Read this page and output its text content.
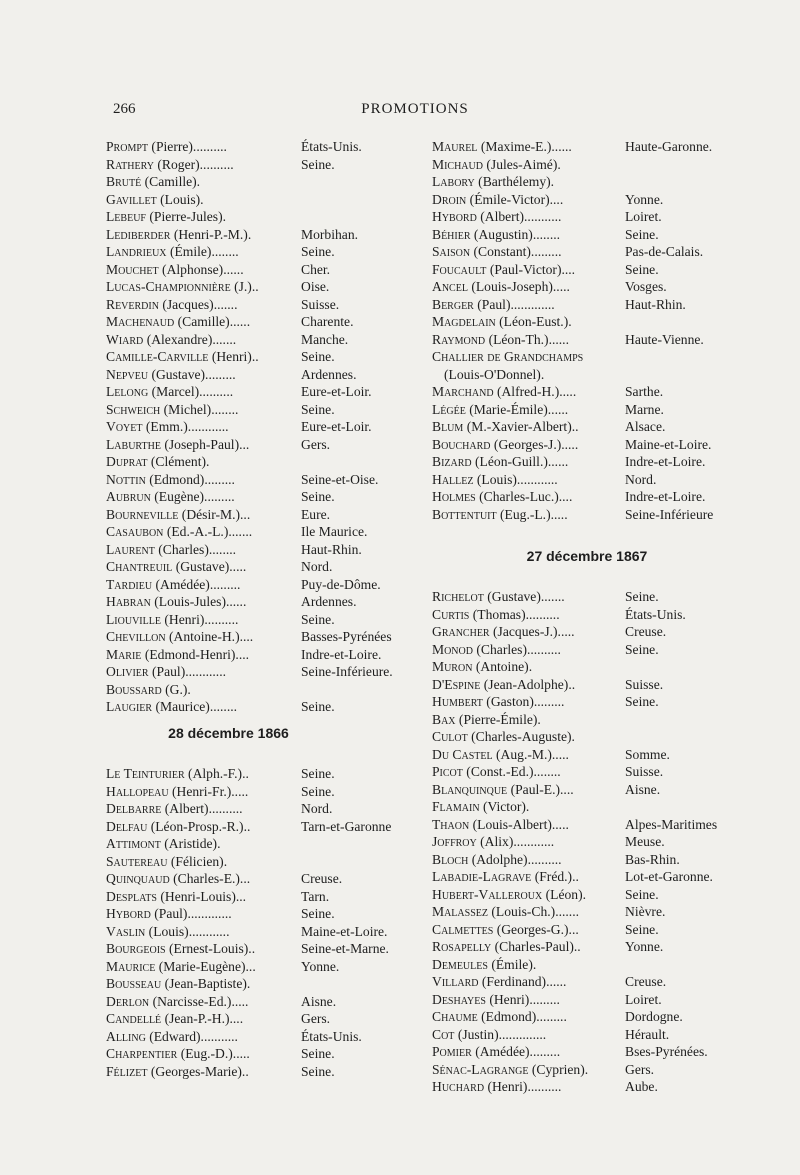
266	PROMOTIONS
Prompt (Pierre)..........	États-Unis.
Rathery (Roger)..........	Seine.
Bruté (Camille).
Gavillet (Louis).
Lebeuf (Pierre-Jules).
Lediberder (Henri-P.-M.).	Morbihan.
Landrieux (Émile)........	Seine.
Mouchet (Alphonse)......	Cher.
Lucas-Championnière (J.)..	Oise.
Reverdin (Jacques).......	Suisse.
Machenaud (Camille)......	Charente.
Wiard (Alexandre).......	Manche.
Camille-Carville (Henri)..	Seine.
Nepveu (Gustave).........	Ardennes.
Lelong (Marcel)..........	Eure-et-Loir.
Schweich (Michel)........	Seine.
Voyet (Emm.)............	Eure-et-Loir.
Laburthe (Joseph-Paul)...	Gers.
Duprat (Clément).
Nottin (Edmond).........	Seine-et-Oise.
Aubrun (Eugène).........	Seine.
Bourneville (Désir-M.)...	Eure.
Casaubon (Ed.-A.-L.).......	Ile Maurice.
Laurent (Charles)........	Haut-Rhin.
Chantreuil (Gustave).....	Nord.
Tardieu (Amédée).........	Puy-de-Dôme.
Habran (Louis-Jules)......	Ardennes.
Liouville (Henri)..........	Seine.
Chevillon (Antoine-H.)....	Basses-Pyrénées
Marie (Edmond-Henri)....	Indre-et-Loire.
Olivier (Paul)............	Seine-Inférieure.
Boussard (G.).
Laugier (Maurice)........	Seine.
28 décembre 1866
Le Teinturier (Alph.-F.)..	Seine.
Hallopeau (Henri-Fr.).....	Seine.
Delbarre (Albert)..........	Nord.
Delfau (Léon-Prosp.-R.)..	Tarn-et-Garonne
Attimont (Aristide).
Sautereau (Félicien).
Quinquaud (Charles-E.)...	Creuse.
Desplats (Henri-Louis)...	Tarn.
Hybord (Paul).............	Seine.
Vaslin (Louis)............	Maine-et-Loire.
Bourgeois (Ernest-Louis)..	Seine-et-Marne.
Maurice (Marie-Eugène)...	Yonne.
Bousseau (Jean-Baptiste).
Derlon (Narcisse-Ed.).....	Aisne.
Candellé (Jean-P.-H.)....	Gers.
Alling (Edward)...........	États-Unis.
Charpentier (Eug.-D.).....	Seine.
Félizet (Georges-Marie)..	Seine.
Maurel (Maxime-E.)......	Haute-Garonne.
Michaud (Jules-Aimé).
Labory (Barthélemy).
Droin (Émile-Victor)....	Yonne.
Hybord (Albert)...........	Loiret.
Béhier (Augustin)........	Seine.
Saison (Constant).........	Pas-de-Calais.
Foucault (Paul-Victor)....	Seine.
Ancel (Louis-Joseph).....	Vosges.
Berger (Paul).............	Haut-Rhin.
Magdelain (Léon-Eust.).
Raymond (Léon-Th.)......	Haute-Vienne.
Challier de Grandchamps
(Louis-O'Donnel).
Marchand (Alfred-H.).....	Sarthe.
Légée (Marie-Émile)......	Marne.
Blum (M.-Xavier-Albert)..	Alsace.
Bouchard (Georges-J.).....	Maine-et-Loire.
Bizard (Léon-Guill.)......	Indre-et-Loire.
Hallez (Louis)............	Nord.
Holmes (Charles-Luc.)....	Indre-et-Loire.
Bottentuit (Eug.-L.).....	Seine-Inférieure
27 décembre 1867
Richelot (Gustave).......	Seine.
Curtis (Thomas)..........	États-Unis.
Grancher (Jacques-J.).....	Creuse.
Monod (Charles)..........	Seine.
Muron (Antoine).
D'Espine (Jean-Adolphe)..	Suisse.
Humbert (Gaston).........	Seine.
Bax (Pierre-Émile).
Culot (Charles-Auguste).
Du Castel (Aug.-M.).....	Somme.
Picot (Const.-Ed.)........	Suisse.
Blanquinque (Paul-E.)....	Aisne.
Flamain (Victor).
Thaon (Louis-Albert).....	Alpes-Maritimes
Joffroy (Alix)............	Meuse.
Bloch (Adolphe)..........	Bas-Rhin.
Labadie-Lagrave (Fréd.)..	Lot-et-Garonne.
Hubert-Valleroux (Léon).	Seine.
Malassez (Louis-Ch.).......	Nièvre.
Calmettes (Georges-G.)...	Seine.
Rosapelly (Charles-Paul)..	Yonne.
Demeules (Émile).
Villard (Ferdinand)......	Creuse.
Deshayes (Henri).........	Loiret.
Chaume (Edmond).........	Dordogne.
Cot (Justin)..............	Hérault.
Pomier (Amédée).........	Bses-Pyrénées.
Sénac-Lagrange (Cyprien).	Gers.
Huchard (Henri)..........	Aube.
